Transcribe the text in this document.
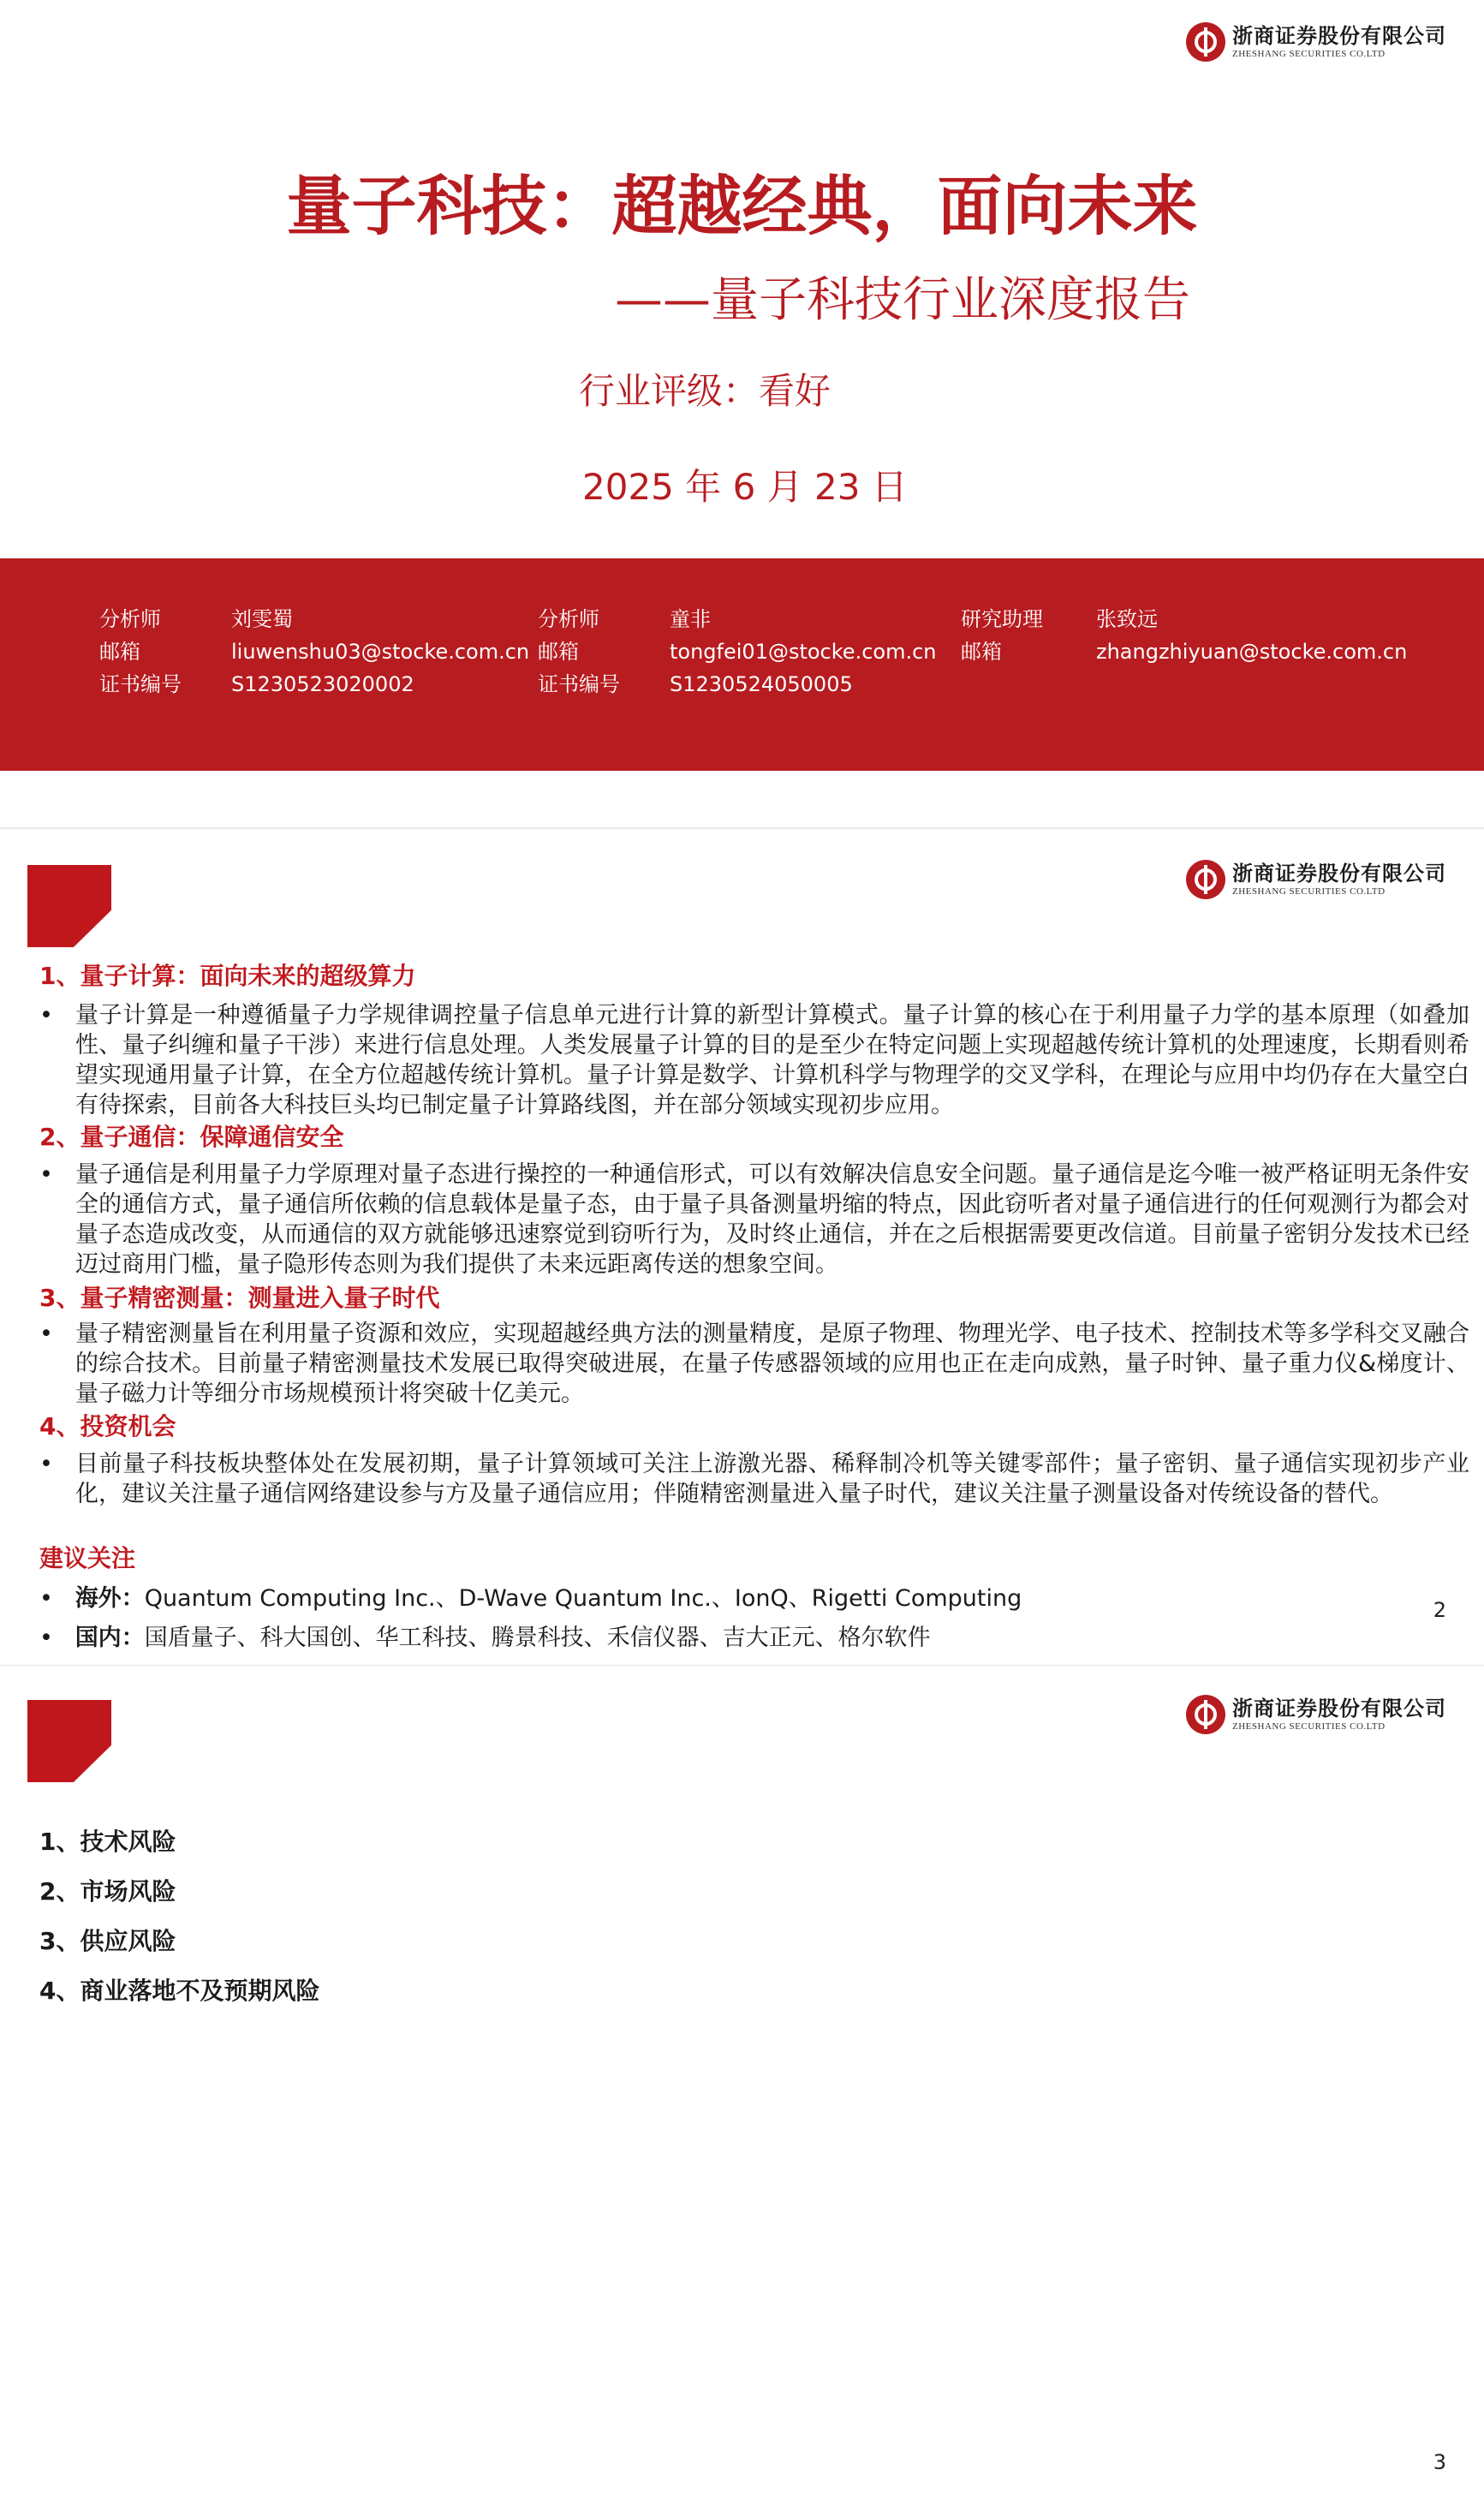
浙商证券股份有限公司
ZHESHANG SECURITIES CO.LTD
量子科技：超越经典，面向未来
——量子科技行业深度报告
行业评级：看好
2025 年 6 月 23 日
分析师	刘雯蜀
邮箱	liuwenshu03@stocke.com.cn
证书编号 S1230523020002
分析师	童非
邮箱	tongfei01@stocke.com.cn
证书编号 S1230524050005
研究助理	张致远
邮箱	zhangzhiyuan@stocke.com.cn
浙商证券股份有限公司
ZHESHANG SECURITIES CO.LTD
1、量子计算：面向未来的超级算力
• 量子计算是一种遵循量子力学规律调控量子信息单元进行计算的新型计算模式。量子计算的核心在于利用量子力学的基本原理（如叠加性、量子纠缠和量子干涉）来进行信息处理。人类发展量子计算的目的是至少在特定问题上实现超越传统计算机的处理速度，长期看则希望实现通用量子计算，在全方位超越传统计算机。量子计算是数学、计算机科学与物理学的交叉学科，在理论与应用中均仍存在大量空白有待探索，目前各大科技巨头均已制定量子计算路线图，并在部分领域实现初步应用。
2、量子通信：保障通信安全
• 量子通信是利用量子力学原理对量子态进行操控的一种通信形式，可以有效解决信息安全问题。量子通信是迄今唯一被严格证明无条件安全的通信方式，量子通信所依赖的信息载体是量子态，由于量子具备测量坍缩的特点，因此窃听者对量子通信进行的任何观测行为都会对量子态造成改变，从而通信的双方就能够迅速察觉到窃听行为，及时终止通信，并在之后根据需要更改信道。目前量子密钥分发技术已经迈过商用门槛，量子隐形传态则为我们提供了未来远距离传送的想象空间。
3、量子精密测量：测量进入量子时代
• 量子精密测量旨在利用量子资源和效应，实现超越经典方法的测量精度，是原子物理、物理光学、电子技术、控制技术等多学科交叉融合的综合技术。目前量子精密测量技术发展已取得突破进展，在量子传感器领域的应用也正在走向成熟，量子时钟、量子重力仪&梯度计、量子磁力计等细分市场规模预计将突破十亿美元。
4、投资机会
• 目前量子科技板块整体处在发展初期，量子计算领域可关注上游激光器、稀释制冷机等关键零部件；量子密钥、量子通信实现初步产业化，建议关注量子通信网络建设参与方及量子通信应用；伴随精密测量进入量子时代，建议关注量子测量设备对传统设备的替代。
建议关注
• 海外：Quantum Computing Inc.、D-Wave Quantum Inc.、IonQ、Rigetti Computing
• 国内：国盾量子、科大国创、华工科技、腾景科技、禾信仪器、吉大正元、格尔软件
2
浙商证券股份有限公司
ZHESHANG SECURITIES CO.LTD
1、技术风险
2、市场风险
3、供应风险
4、商业落地不及预期风险
3
